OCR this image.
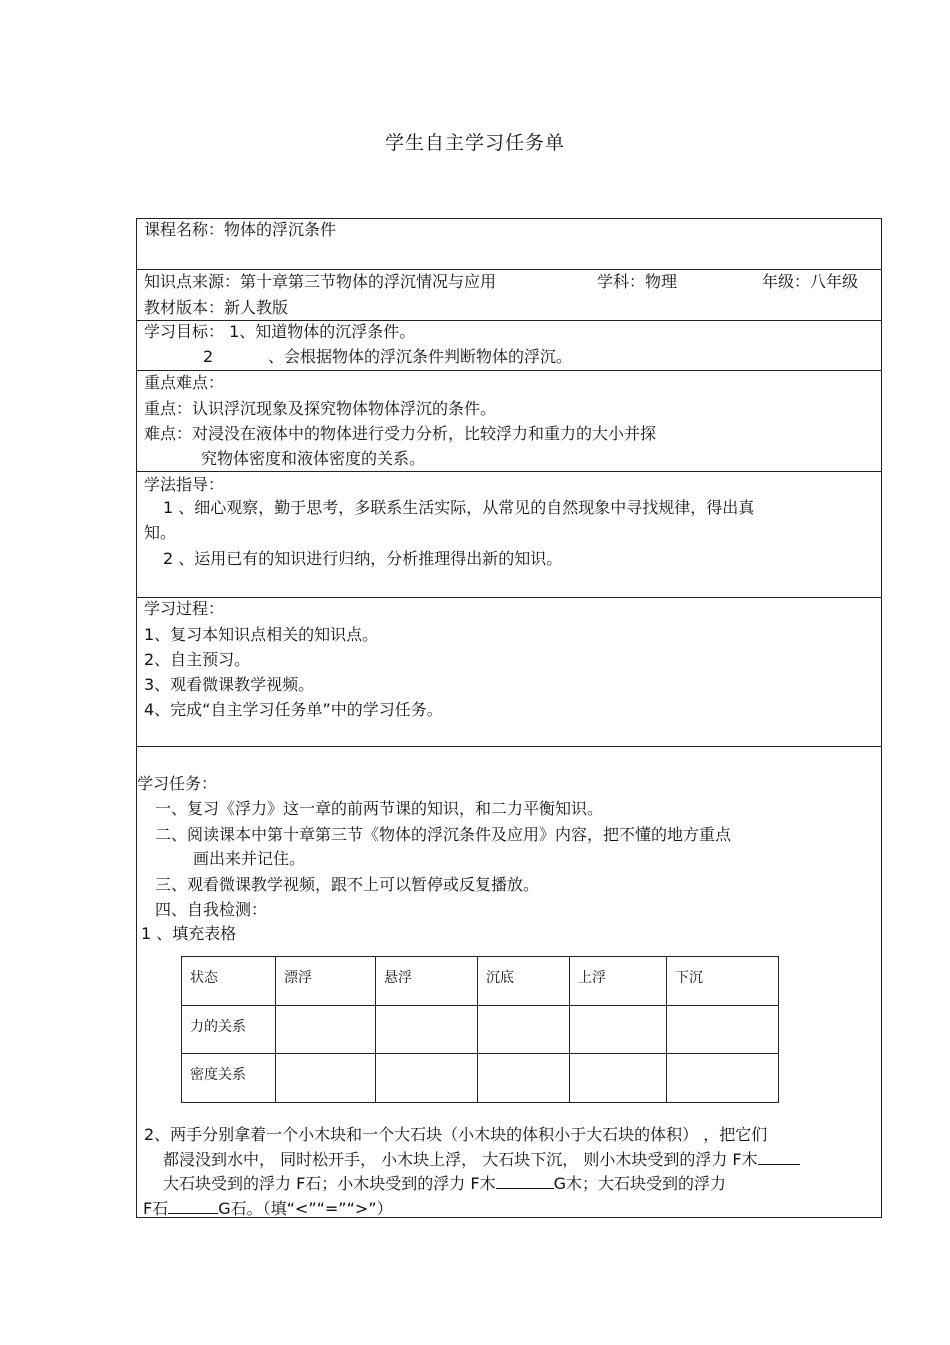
学生自主学习任务单
课程名称：物体的浮沉条件
知识点来源：第十章第三节物体的浮沉情况与应用	学科：物理	年级：八年级
教材版本：新人教版
学习目标： 1、知道物体的沉浮条件。
2	、会根据物体的浮沉条件判断物体的浮沉。
重点难点：
重点：认识浮沉现象及探究物体物体浮沉的条件。
难点：对浸没在液体中的物体进行受力分析，比较浮力和重力的大小并探
究物体密度和液体密度的关系。
学法指导：
1 、细心观察，勤于思考，多联系生活实际，从常见的自然现象中寻找规律，得出真
知。
2 、运用已有的知识进行归纳，分析推理得出新的知识。
学习过程：
1、复习本知识点相关的知识点。
2、自主预习。
3、观看微课教学视频。
4、完成“自主学习任务单”中的学习任务。
学习任务：
一、复习《浮力》这一章的前两节课的知识，和二力平衡知识。
二、阅读课本中第十章第三节《物体的浮沉条件及应用》内容，把不懂的地方重点
画出来并记住。
三、观看微课教学视频，跟不上可以暂停或反复播放。
四、自我检测：
1 、填充表格
状态	漂浮	悬浮	沉底	上浮	下沉
力的关系					
密度关系					
2、两手分别拿着一个小木块和一个大石块（小木块的体积小于大石块的体积） ，把它们
都浸没到水中， 同时松开手， 小木块上浮， 大石块下沉， 则小木块受到的浮力 F木
大石块受到的浮力 F石；小木块受到的浮力 F木	G木；大石块受到的浮力
F石	G石。（填“<”“=”“>”）
